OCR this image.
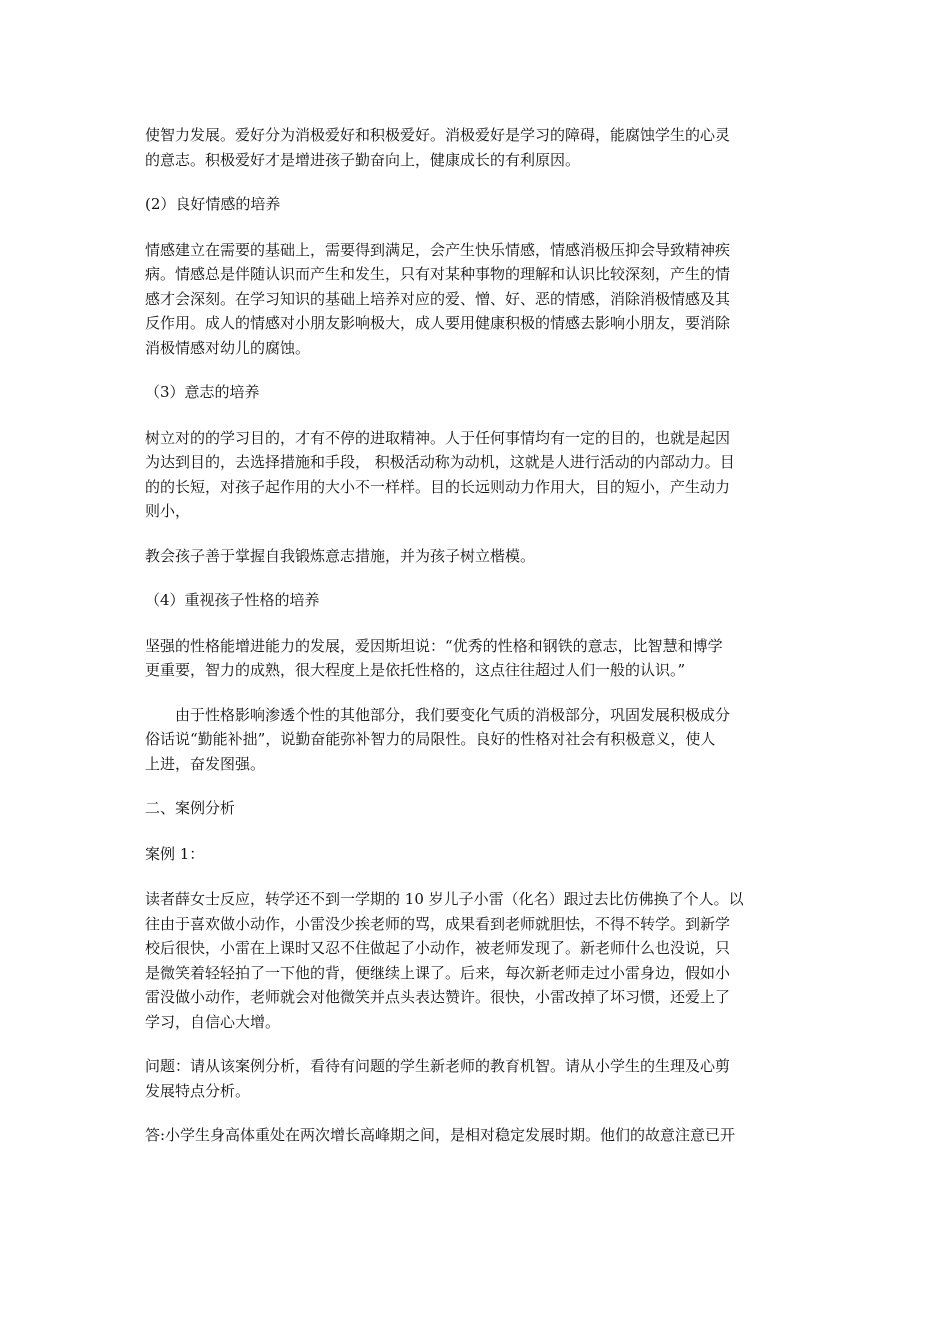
使智力发展。爱好分为消极爱好和积极爱好。消极爱好是学习的障碍，能腐蚀学生的心灵
的意志。积极爱好才是增进孩子勤奋向上，健康成长的有利原因。
(2）良好情感的培养
情感建立在需要的基础上，需要得到满足，会产生快乐情感，情感消极压抑会导致精神疾
病。情感总是伴随认识而产生和发生，只有对某种事物的理解和认识比较深刻，产生的情
感才会深刻。在学习知识的基础上培养对应的爱、憎、好、恶的情感，消除消极情感及其
反作用。成人的情感对小朋友影响极大，成人要用健康积极的情感去影响小朋友，要消除
消极情感对幼儿的腐蚀。
（3）意志的培养
树立对的的学习目的，才有不停的进取精神。人于任何事情均有一定的目的，也就是起因
为达到目的，去选择措施和手段， 积极活动称为动机，这就是人进行活动的内部动力。目
的的长短，对孩子起作用的大小不一样样。目的长远则动力作用大，目的短小，产生动力
则小，
教会孩子善于掌握自我锻炼意志措施，并为孩子树立楷模。
（4）重视孩子性格的培养
坚强的性格能增进能力的发展，爱因斯坦说：“优秀的性格和钢铁的意志，比智慧和博学
更重要，智力的成熟，很大程度上是依托性格的，这点往往超过人们一般的认识。”
由于性格影响渗透个性的其他部分，我们要变化气质的消极部分，巩固发展积极成分
俗话说“勤能补拙”，说勤奋能弥补智力的局限性。良好的性格对社会有积极意义，使人
上进，奋发图强。
二、案例分析
案例 1：
读者薛女士反应，转学还不到一学期的 10 岁儿子小雷（化名）跟过去比仿佛换了个人。以
往由于喜欢做小动作，小雷没少挨老师的骂，成果看到老师就胆怯，不得不转学。到新学
校后很快，小雷在上课时又忍不住做起了小动作，被老师发现了。新老师什么也没说，只
是微笑着轻轻拍了一下他的背，便继续上课了。后来，每次新老师走过小雷身边，假如小
雷没做小动作，老师就会对他微笑并点头表达赞许。很快，小雷改掉了坏习惯，还爱上了
学习，自信心大增。
问题：请从该案例分析，看待有问题的学生新老师的教育机智。请从小学生的生理及心剪
发展特点分析。
答:小学生身高体重处在两次增长高峰期之间，是相对稳定发展时期。他们的故意注意已开
